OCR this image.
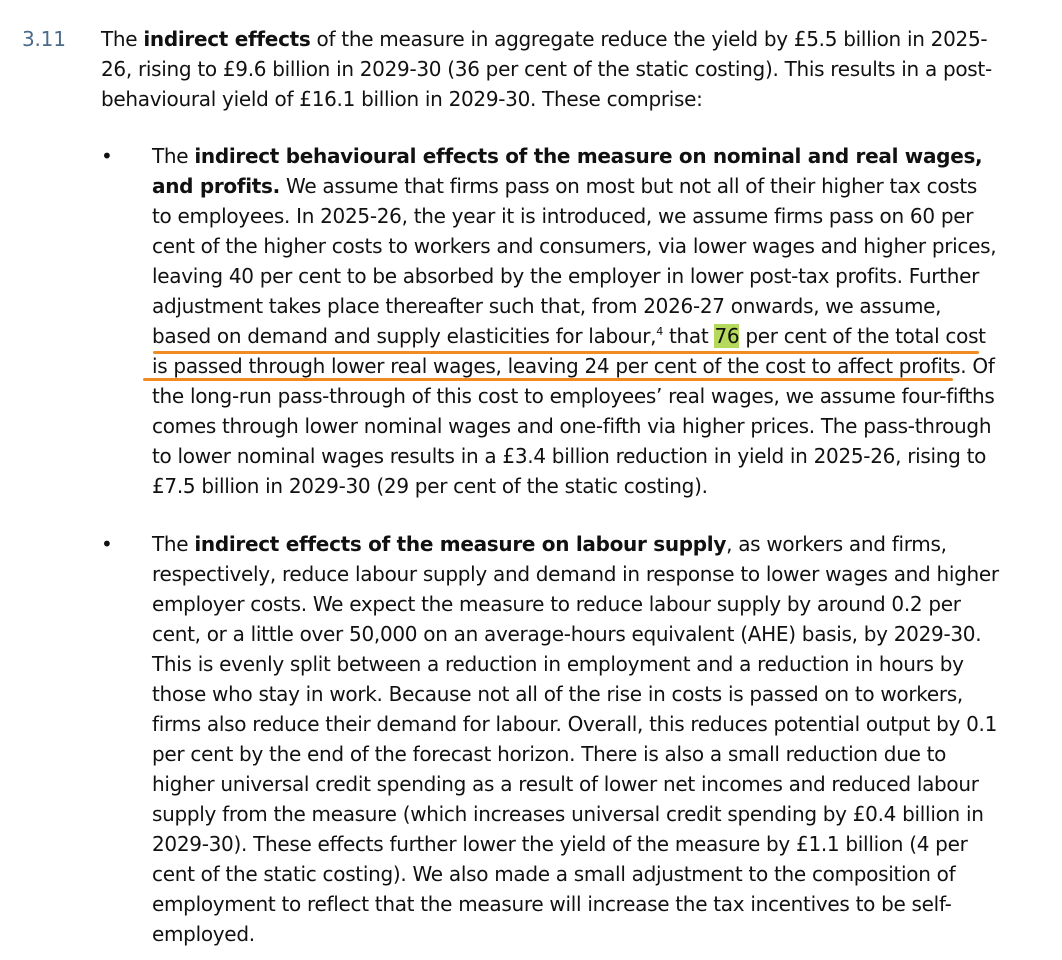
3.11 The indirect effects of the measure in aggregate reduce the yield by £5.5 billion in 2025-26, rising to £9.6 billion in 2029-30 (36 per cent of the static costing). This results in a post-behavioural yield of £16.1 billion in 2029-30. These comprise:
• The indirect behavioural effects of the measure on nominal and real wages, and profits. We assume that firms pass on most but not all of their higher tax costs to employees. In 2025-26, the year it is introduced, we assume firms pass on 60 per cent of the higher costs to workers and consumers, via lower wages and higher prices, leaving 40 per cent to be absorbed by the employer in lower post-tax profits. Further adjustment takes place thereafter such that, from 2026-27 onwards, we assume, based on demand and supply elasticities for labour,$^4$ that 76 per cent of the total cost is passed through lower real wages, leaving 24 per cent of the cost to affect profits. Of the long-run pass-through of this cost to employees’ real wages, we assume four-fifths comes through lower nominal wages and one-fifth via higher prices. The pass-through to lower nominal wages results in a £3.4 billion reduction in yield in 2025-26, rising to £7.5 billion in 2029-30 (29 per cent of the static costing).
• The indirect effects of the measure on labour supply, as workers and firms, respectively, reduce labour supply and demand in response to lower wages and higher employer costs. We expect the measure to reduce labour supply by around 0.2 per cent, or a little over 50,000 on an average-hours equivalent (AHE) basis, by 2029-30. This is evenly split between a reduction in employment and a reduction in hours by those who stay in work. Because not all of the rise in costs is passed on to workers, firms also reduce their demand for labour. Overall, this reduces potential output by 0.1 per cent by the end of the forecast horizon. There is also a small reduction due to higher universal credit spending as a result of lower net incomes and reduced labour supply from the measure (which increases universal credit spending by £0.4 billion in 2029-30). These effects further lower the yield of the measure by £1.1 billion (4 per cent of the static costing). We also made a small adjustment to the composition of employment to reflect that the measure will increase the tax incentives to be self-employed.
